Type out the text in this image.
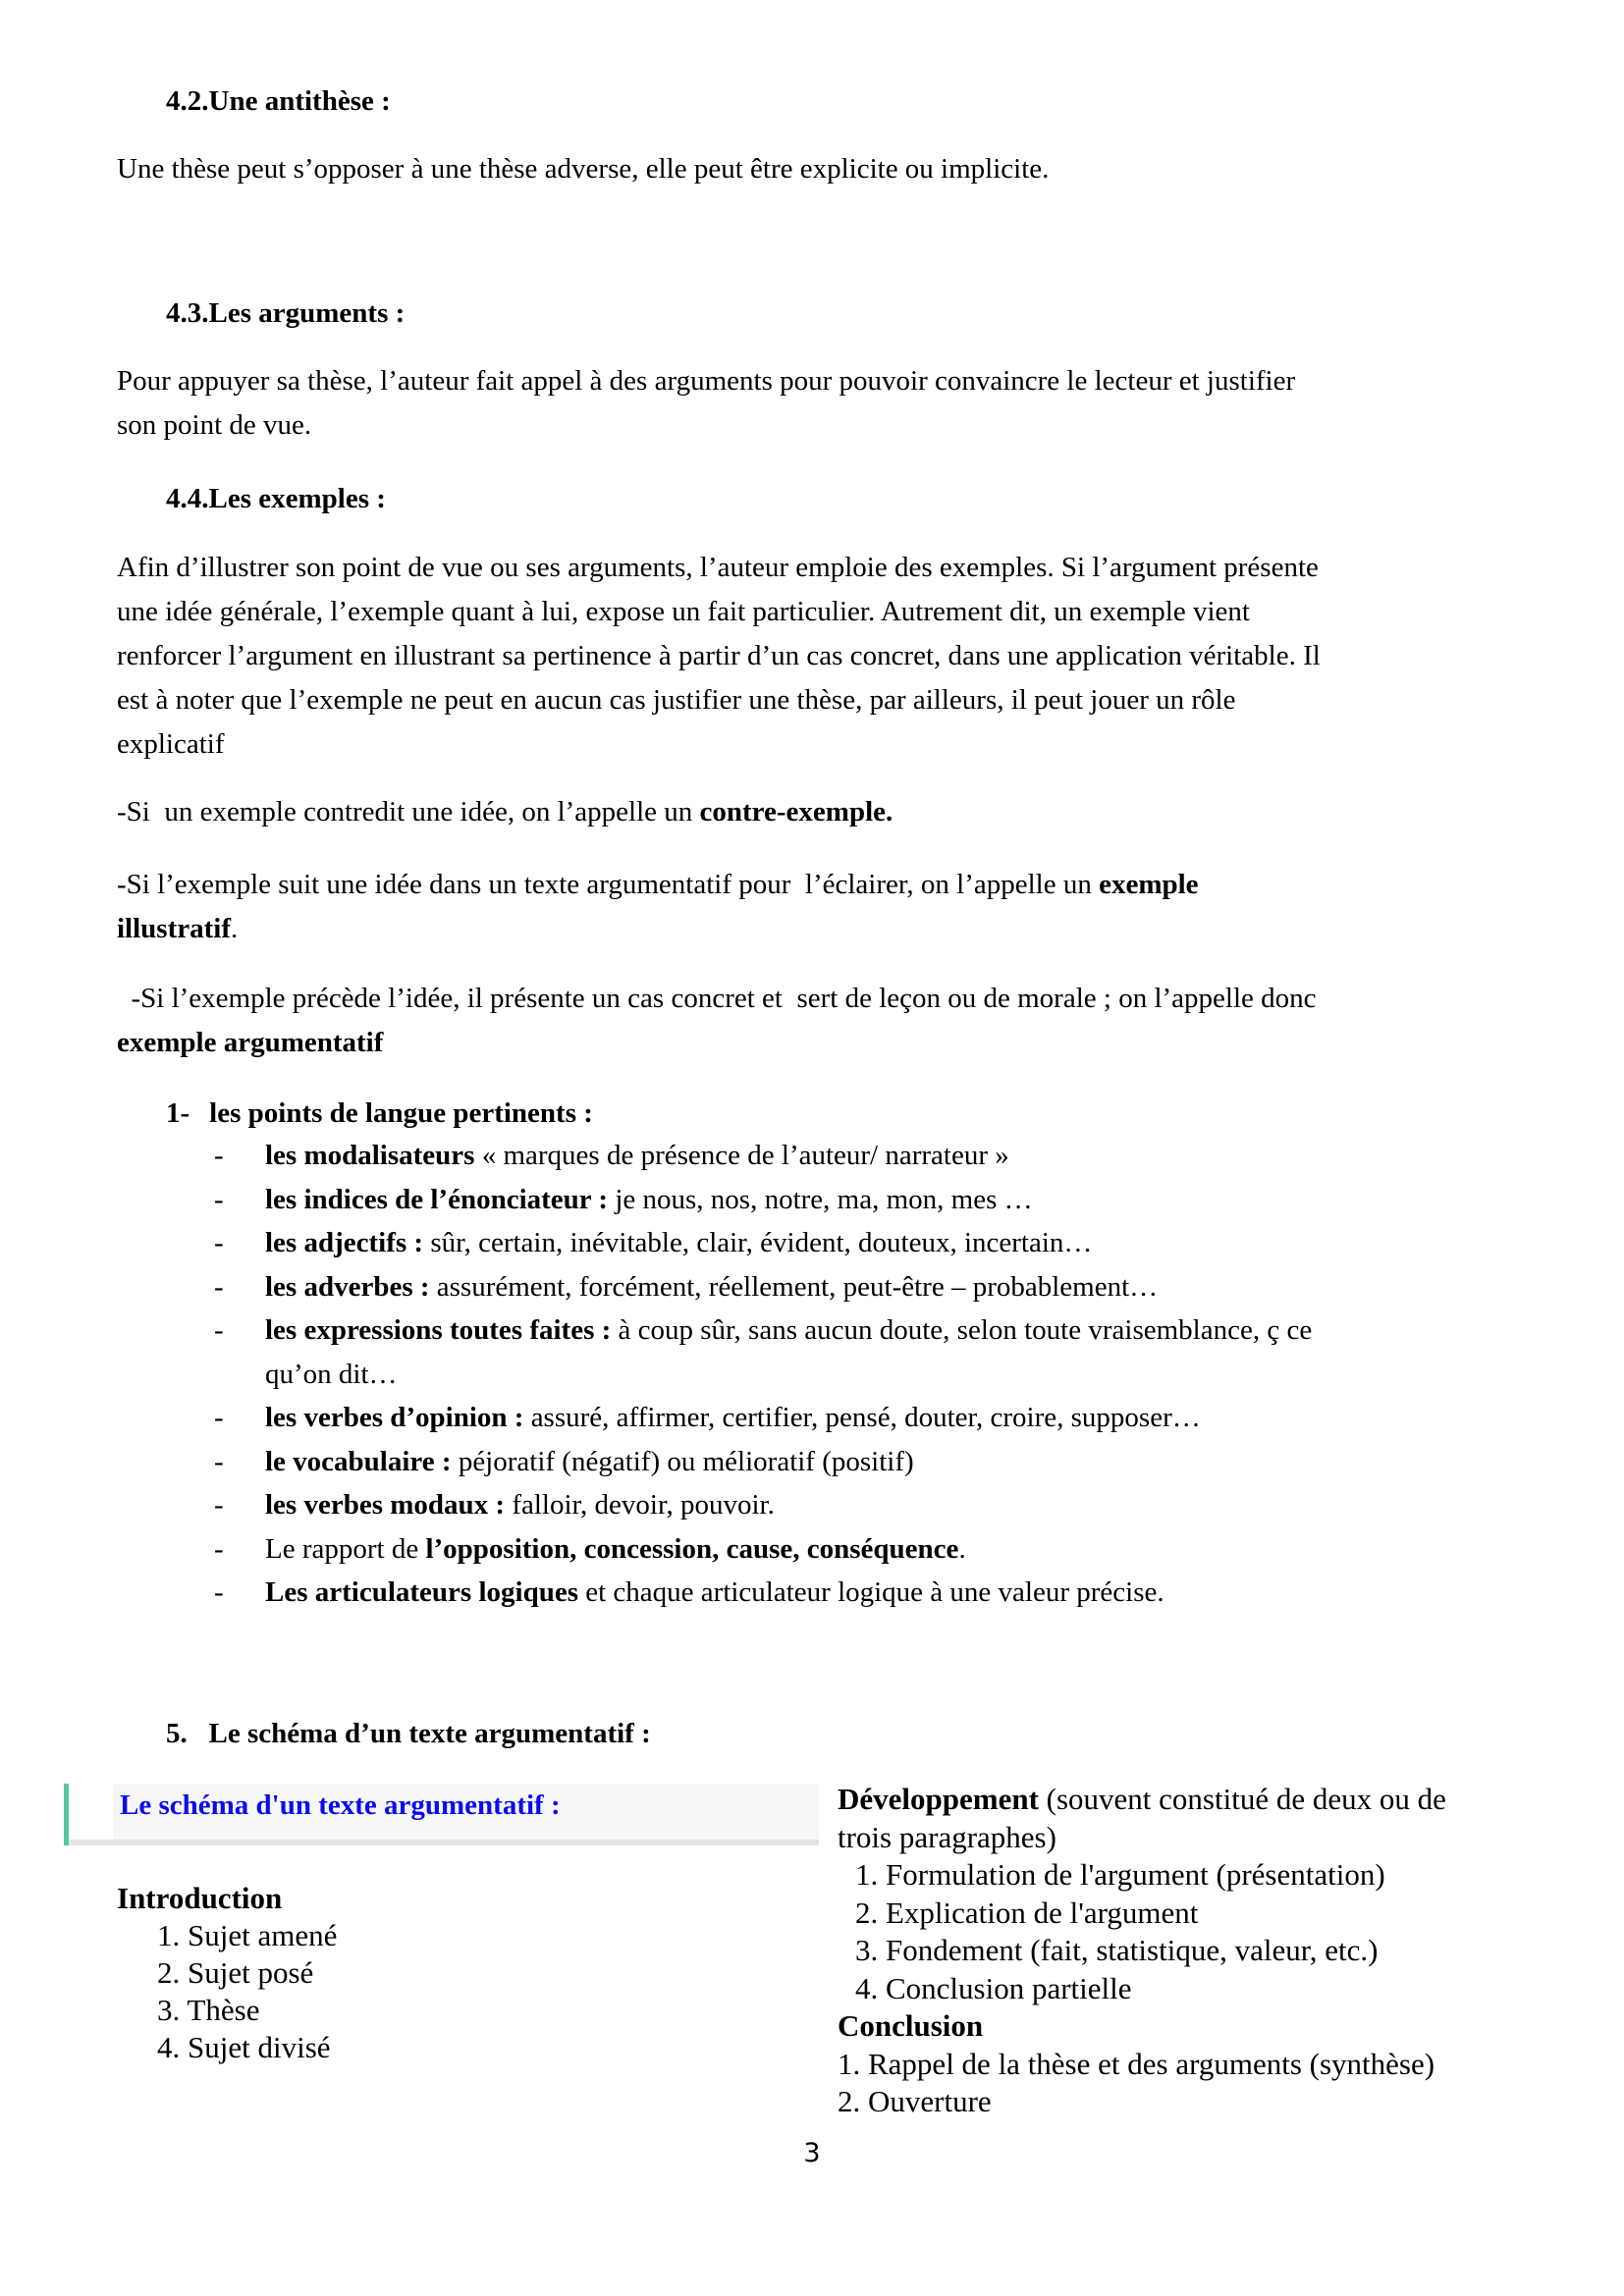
4.2.Une antithèse :
Une thèse peut s’opposer à une thèse adverse, elle peut être explicite ou implicite.
4.3.Les arguments :
Pour appuyer sa thèse, l’auteur fait appel à des arguments pour pouvoir convaincre le lecteur et justifier
son point de vue.
4.4.Les exemples :
Afin d’illustrer son point de vue ou ses arguments, l’auteur emploie des exemples. Si l’argument présente
une idée générale, l’exemple quant à lui, expose un fait particulier. Autrement dit, un exemple vient
renforcer l’argument en illustrant sa pertinence à partir d’un cas concret, dans une application véritable. Il
est à noter que l’exemple ne peut en aucun cas justifier une thèse, par ailleurs, il peut jouer un rôle
explicatif
-Si  un exemple contredit une idée, on l’appelle un contre-exemple.
-Si l’exemple suit une idée dans un texte argumentatif pour  l’éclairer, on l’appelle un exemple
illustratif.
-Si l’exemple précède l’idée, il présente un cas concret et  sert de leçon ou de morale ; on l’appelle donc
exemple argumentatif
1- les points de langue pertinents :
- les modalisateurs « marques de présence de l’auteur/ narrateur »
- les indices de l’énonciateur : je nous, nos, notre, ma, mon, mes …
- les adjectifs : sûr, certain, inévitable, clair, évident, douteux, incertain…
- les adverbes : assurément, forcément, réellement, peut-être – probablement…
- les expressions toutes faites : à coup sûr, sans aucun doute, selon toute vraisemblance, ç ce
qu’on dit…
- les verbes d’opinion : assuré, affirmer, certifier, pensé, douter, croire, supposer…
- le vocabulaire : péjoratif (négatif) ou mélioratif (positif)
- les verbes modaux : falloir, devoir, pouvoir.
- Le rapport de l’opposition, concession, cause, conséquence.
- Les articulateurs logiques et chaque articulateur logique à une valeur précise.
5.   Le schéma d’un texte argumentatif :
Le schéma d'un texte argumentatif :
Introduction
1. Sujet amené
2. Sujet posé
3. Thèse
4. Sujet divisé
Développement (souvent constitué de deux ou de
trois paragraphes)
1. Formulation de l'argument (présentation)
2. Explication de l'argument
3. Fondement (fait, statistique, valeur, etc.)
4. Conclusion partielle
Conclusion
1. Rappel de la thèse et des arguments (synthèse)
2. Ouverture
3
